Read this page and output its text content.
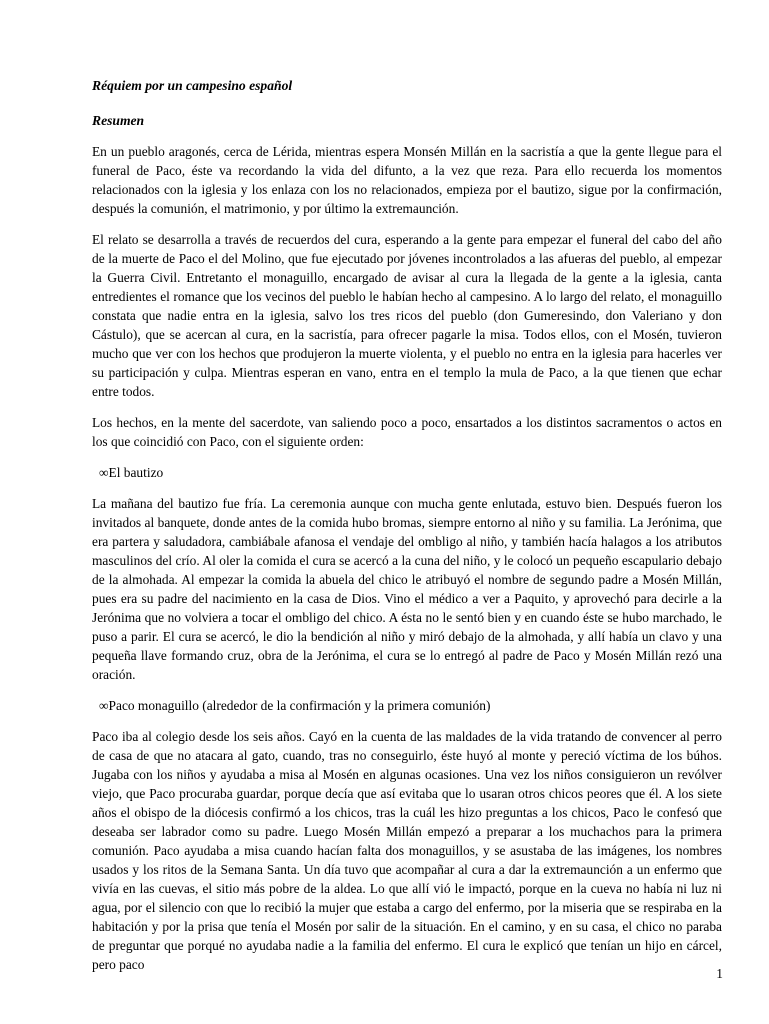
Réquiem por un campesino español
Resumen

En un pueblo aragonés, cerca de Lérida, mientras espera Monsén Millán en la sacristía a que la gente llegue para el funeral de Paco, éste va recordando la vida del difunto, a la vez que reza. Para ello recuerda los momentos relacionados con la iglesia y los enlaza con los no relacionados, empieza por el bautizo, sigue por la confirmación, después la comunión, el matrimonio, y por último la extremaunción.

El relato se desarrolla a través de recuerdos del cura, esperando a la gente para empezar el funeral del cabo del año de la muerte de Paco el del Molino, que fue ejecutado por jóvenes incontrolados a las afueras del pueblo, al empezar la Guerra Civil. Entretanto el monaguillo, encargado de avisar al cura la llegada de la gente a la iglesia, canta entredientes el romance que los vecinos del pueblo le habían hecho al campesino. A lo largo del relato, el monaguillo constata que nadie entra en la iglesia, salvo los tres ricos del pueblo (don Gumeresindo, don Valeriano y don Cástulo), que se acercan al cura, en la sacristía, para ofrecer pagarle la misa. Todos ellos, con el Mosén, tuvieron mucho que ver con los hechos que produjeron la muerte violenta, y el pueblo no entra en la iglesia para hacerles ver su participación y culpa. Mientras esperan en vano, entra en el templo la mula de Paco, a la que tienen que echar entre todos.

Los hechos, en la mente del sacerdote, van saliendo poco a poco, ensartados a los distintos sacramentos o actos en los que coincidió con Paco, con el siguiente orden:

∞El bautizo

La mañana del bautizo fue fría. La ceremonia aunque con mucha gente enlutada, estuvo bien. Después fueron los invitados al banquete, donde antes de la comida hubo bromas, siempre entorno al niño y su familia. La Jerónima, que era partera y saludadora, cambiábale afanosa el vendaje del ombligo al niño, y también hacía halagos a los atributos masculinos del crío. Al oler la comida el cura se acercó a la cuna del niño, y le colocó un pequeño escapulario debajo de la almohada. Al empezar la comida la abuela del chico le atribuyó el nombre de segundo padre a Mosén Millán, pues era su padre del nacimiento en la casa de Dios. Vino el médico a ver a Paquito, y aprovechó para decirle a la Jerónima que no volviera a tocar el ombligo del chico. A ésta no le sentó bien y en cuando éste se hubo marchado, le puso a parir. El cura se acercó, le dio la bendición al niño y miró debajo de la almohada, y allí había un clavo y una pequeña llave formando cruz, obra de la Jerónima, el cura se lo entregó al padre de Paco y Mosén Millán rezó una oración.

∞Paco monaguillo (alrededor de la confirmación y la primera comunión)

Paco iba al colegio desde los seis años. Cayó en la cuenta de las maldades de la vida tratando de convencer al perro de casa de que no atacara al gato, cuando, tras no conseguirlo, éste huyó al monte y pereció víctima de los búhos. Jugaba con los niños y ayudaba a misa al Mosén en algunas ocasiones. Una vez los niños consiguieron un revólver viejo, que Paco procuraba guardar, porque decía que así evitaba que lo usaran otros chicos peores que él. A los siete años el obispo de la diócesis confirmó a los chicos, tras la cuál les hizo preguntas a los chicos, Paco le confesó que deseaba ser labrador como su padre. Luego Mosén Millán empezó a preparar a los muchachos para la primera comunión. Paco ayudaba a misa cuando hacían falta dos monaguillos, y se asustaba de las imágenes, los nombres usados y los ritos de la Semana Santa. Un día tuvo que acompañar al cura a dar la extremaunción a un enfermo que vivía en las cuevas, el sitio más pobre de la aldea. Lo que allí vió le impactó, porque en la cueva no había ni luz ni agua, por el silencio con que lo recibió la mujer que estaba a cargo del enfermo, por la miseria que se respiraba en la habitación y por la prisa que tenía el Mosén por salir de la situación. En el camino, y en su casa, el chico no paraba de preguntar que porqué no ayudaba nadie a la familia del enfermo. El cura le explicó que tenían un hijo en cárcel, pero paco

1
